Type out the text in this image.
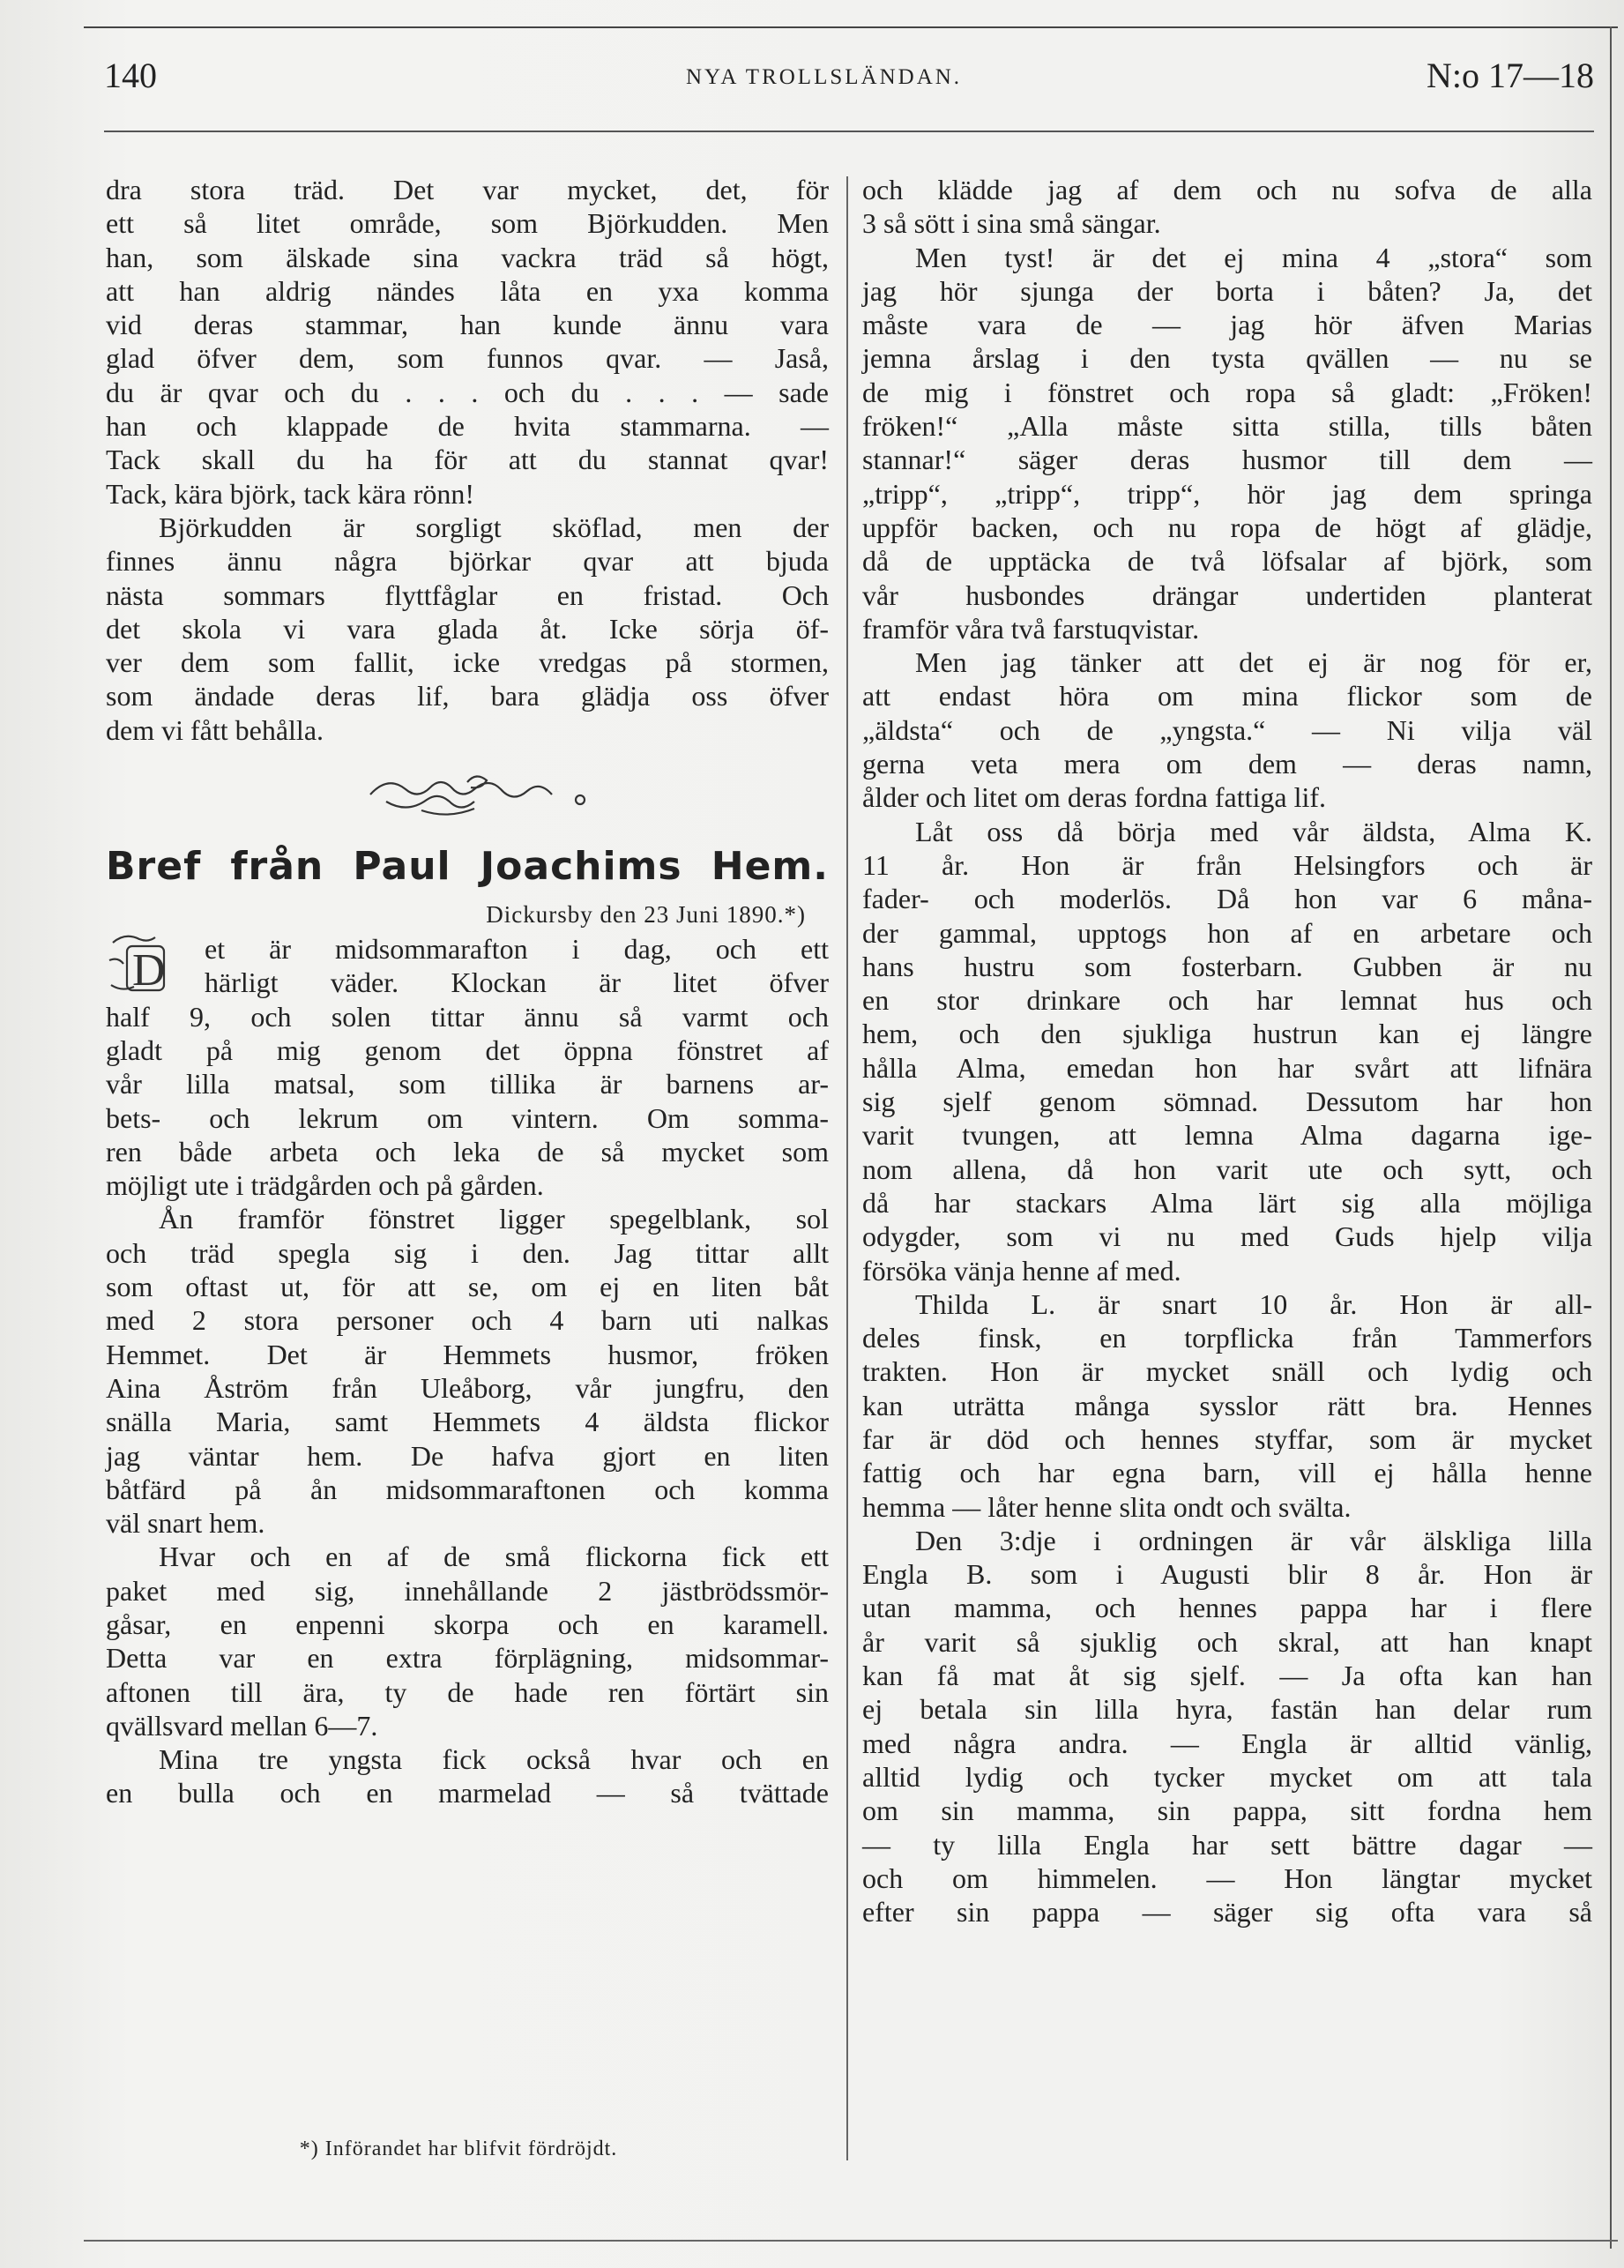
140	NYA TROLLSLÄNDAN.	N:o 17—18
dra stora träd. Det var mycket, det, för
ett så litet område, som Björkudden. Men
han, som älskade sina vackra träd så högt,
att han aldrig nändes låta en yxa komma
vid deras stammar, han kunde ännu vara
glad öfver dem, som funnos qvar. — Jaså,
du är qvar och du . . . och du . . . — sade
han och klappade de hvita stammarna. —
Tack skall du ha för att du stannat qvar!
Tack, kära björk, tack kära rönn!
Björkudden är sorgligt sköflad, men der
finnes ännu några björkar qvar att bjuda
nästa sommars flyttfåglar en fristad. Och
det skola vi vara glada åt. Icke sörja öf-
ver dem som fallit, icke vredgas på stormen,
som ändade deras lif, bara glädja oss öfver
dem vi fått behålla.
Bref från Paul Joachims Hem.
Dickursby den 23 Juni 1890.*)
D	et är midsommarafton i dag, och ett
härligt väder. Klockan är litet öfver
half 9, och solen tittar ännu så varmt och
gladt på mig genom det öppna fönstret af
vår lilla matsal, som tillika är barnens ar-
bets- och lekrum om vintern. Om somma-
ren både arbeta och leka de så mycket som
möjligt ute i trädgården och på gården.
Ån framför fönstret ligger spegelblank, sol
och träd spegla sig i den. Jag tittar allt
som oftast ut, för att se, om ej en liten båt
med 2 stora personer och 4 barn uti nalkas
Hemmet. Det är Hemmets husmor, fröken
Aina Åström från Uleåborg, vår jungfru, den
snälla Maria, samt Hemmets 4 äldsta flickor
jag väntar hem. De hafva gjort en liten
båtfärd på ån midsommaraftonen och komma
väl snart hem.
Hvar och en af de små flickorna fick ett
paket med sig, innehållande 2 jästbrödssmör-
gåsar, en enpenni skorpa och en karamell.
Detta var en extra förplägning, midsommar-
aftonen till ära, ty de hade ren förtärt sin
qvällsvard mellan 6—7.
Mina tre yngsta fick också hvar och en
en bulla och en marmelad — så tvättade
*) Införandet har blifvit fördröjdt.
och klädde jag af dem och nu sofva de alla
3 så sött i sina små sängar.
Men tyst! är det ej mina 4 „stora“ som
jag hör sjunga der borta i båten? Ja, det
måste vara de — jag hör äfven Marias
jemna årslag i den tysta qvällen — nu se
de mig i fönstret och ropa så gladt: „Fröken!
fröken!“ „Alla måste sitta stilla, tills båten
stannar!“ säger deras husmor till dem —
„tripp“, „tripp“, tripp“, hör jag dem springa
uppför backen, och nu ropa de högt af glädje,
då de upptäcka de två löfsalar af björk, som
vår husbondes drängar undertiden planterat
framför våra två farstuqvistar.
Men jag tänker att det ej är nog för er,
att endast höra om mina flickor som de
„äldsta“ och de „yngsta.“ — Ni vilja väl
gerna veta mera om dem — deras namn,
ålder och litet om deras fordna fattiga lif.
Låt oss då börja med vår äldsta, Alma K.
11 år. Hon är från Helsingfors och är
fader- och moderlös. Då hon var 6 måna-
der gammal, upptogs hon af en arbetare och
hans hustru som fosterbarn. Gubben är nu
en stor drinkare och har lemnat hus och
hem, och den sjukliga hustrun kan ej längre
hålla Alma, emedan hon har svårt att lifnära
sig sjelf genom sömnad. Dessutom har hon
varit tvungen, att lemna Alma dagarna ige-
nom allena, då hon varit ute och sytt, och
då har stackars Alma lärt sig alla möjliga
odygder, som vi nu med Guds hjelp vilja
försöka vänja henne af med.
Thilda L. är snart 10 år. Hon är all-
deles finsk, en torpflicka från Tammerfors
trakten. Hon är mycket snäll och lydig och
kan uträtta många sysslor rätt bra. Hennes
far är död och hennes styffar, som är mycket
fattig och har egna barn, vill ej hålla henne
hemma — låter henne slita ondt och svälta.
Den 3:dje i ordningen är vår älskliga lilla
Engla B. som i Augusti blir 8 år. Hon är
utan mamma, och hennes pappa har i flere
år varit så sjuklig och skral, att han knapt
kan få mat åt sig sjelf. — Ja ofta kan han
ej betala sin lilla hyra, fastän han delar rum
med några andra. — Engla är alltid vänlig,
alltid lydig och tycker mycket om att tala
om sin mamma, sin pappa, sitt fordna hem
— ty lilla Engla har sett bättre dagar —
och om himmelen. — Hon längtar mycket
efter sin pappa — säger sig ofta vara så
